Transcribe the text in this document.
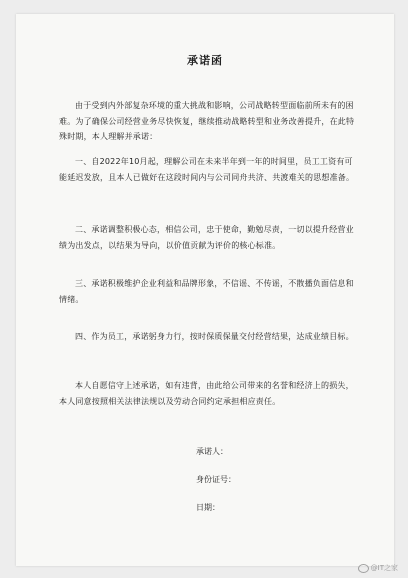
承诺函

由于受到内外部复杂环境的重大挑战和影响，公司战略转型面临前所未有的困难。为了确保公司经营业务尽快恢复，继续推动战略转型和业务改善提升，在此特殊时期，本人理解并承诺：

一、自2022年10月起，理解公司在未来半年到一年的时间里，员工工资有可能延迟发放，且本人已做好在这段时间内与公司同舟共济、共渡难关的思想准备。

二、承诺调整积极心态，相信公司，忠于使命，勤勉尽责，一切以提升经营业绩为出发点，以结果为导向，以价值贡献为评价的核心标准。

三、承诺积极维护企业利益和品牌形象，不信谣、不传谣，不散播负面信息和情绪。

四、作为员工，承诺躬身力行，按时保质保量交付经营结果，达成业绩目标。

本人自愿信守上述承诺，如有违背，由此给公司带来的名誉和经济上的损失，本人同意按照相关法律法规以及劳动合同约定承担相应责任。

承诺人：
身份证号：
日期：
@IT之家
